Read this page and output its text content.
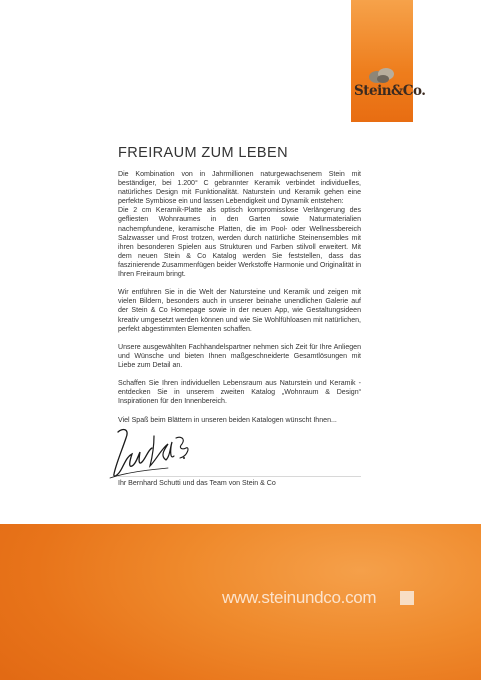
Stein&Co.
FREIRAUM ZUM LEBEN

Die Kombination von in Jahrmillionen naturgewachsenem Stein mit beständiger, bei 1.200° C gebrannter Keramik verbindet individuelles, natürliches Design mit Funktionalität. Naturstein und Keramik gehen eine perfekte Symbiose ein und lassen Lebendigkeit und Dynamik entstehen:

Die 2 cm Keramik-Platte als optisch kompromisslose Verlängerung des gefliesten Wohnraumes in den Garten sowie Naturmaterialien nachempfundene, keramische Platten, die im Pool- oder Wellnessbereich Salzwasser und Frost trotzen, werden durch natürliche Steinensembles mit ihren besonderen Spielen aus Strukturen und Farben stilvoll erweitert. Mit dem neuen Stein & Co Katalog werden Sie feststellen, dass das faszinierende Zusammenfügen beider Werkstoffe Harmonie und Originalität in Ihren Freiraum bringt.

Wir entführen Sie in die Welt der Natursteine und Keramik und zeigen mit vielen Bildern, besonders auch in unserer beinahe unendlichen Galerie auf der Stein & Co Homepage sowie in der neuen App, wie Gestaltungsideen kreativ umgesetzt werden können und wie Sie Wohlfühloasen mit natürlichen, perfekt abgestimmten Elementen schaffen.

Unsere ausgewählten Fachhandelspartner nehmen sich Zeit für Ihre Anliegen und Wünsche und bieten Ihnen maßgeschneiderte Gesamtlösungen mit Liebe zum Detail an.

Schaffen Sie Ihren individuellen Lebensraum aus Naturstein und Keramik - entdecken Sie in unserem zweiten Katalog „Wohnraum & Design“ Inspirationen für den Innenbereich.

Viel Spaß beim Blättern in unseren beiden Katalogen wünscht Ihnen...

Ihr Bernhard Schutti und das Team von Stein & Co
www.steinundco.com
